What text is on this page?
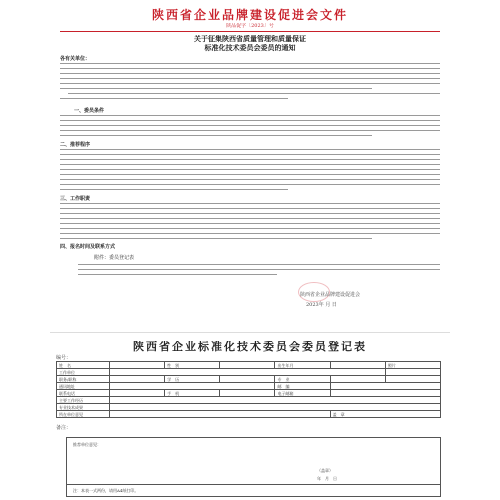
陕西省企业品牌建设促进会文件
陕品促字〔2023〕号
关于征集陕西省质量管理和质量保证
标准化技术委员会委员的通知
各有关单位：
一、委员条件
二、推荐程序
三、工作职责
四、报名时间及联系方式
附件：委员登记表
陕西省企业品牌建设促进会
2023年 月 日
陕西省企业标准化技术委员会委员登记表
编号：
姓　名		性　别		出生年月		照片
工作单位						
职务/职称		学　历		专　业		
通讯地址				邮　编		
联系电话		手　机		电子邮箱		
主要工作经历						
专业技术成果						
所在单位意见					盖　章	
备注：
推荐单位意见：
（盖章）
年　月　日
注：本表一式两份，请用A4纸打印。
